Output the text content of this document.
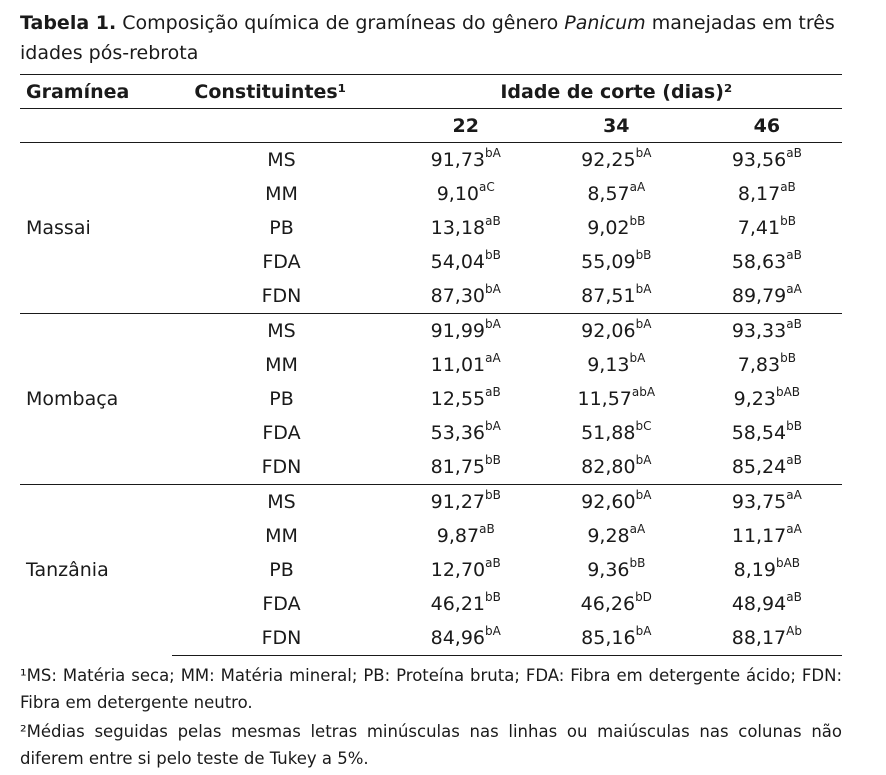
Tabela 1. Composição química de gramíneas do gênero Panicum manejadas em três idades pós-rebrota

Gramínea	Constituintes¹	Idade de corte (dias)²		
		22	34	46
Massai	MS	$91,73^{bA}$	$92,25^{bA}$	$93,56^{aB}$
	MM	$9,10^{aC}$	$8,57^{aA}$	$8,17^{aB}$
	PB	$13,18^{aB}$	$9,02^{bB}$	$7,41^{bB}$
	FDA	$54,04^{bB}$	$55,09^{bB}$	$58,63^{aB}$
	FDN	$87,30^{bA}$	$87,51^{bA}$	$89,79^{aA}$
Mombaça	MS	$91,99^{bA}$	$92,06^{bA}$	$93,33^{aB}$
	MM	$11,01^{aA}$	$9,13^{bA}$	$7,83^{bB}$
	PB	$12,55^{aB}$	$11,57^{abA}$	$9,23^{bAB}$
	FDA	$53,36^{bA}$	$51,88^{bC}$	$58,54^{bB}$
	FDN	$81,75^{bB}$	$82,80^{bA}$	$85,24^{aB}$
Tanzânia	MS	$91,27^{bB}$	$92,60^{bA}$	$93,75^{aA}$
	MM	$9,87^{aB}$	$9,28^{aA}$	$11,17^{aA}$
	PB	$12,70^{aB}$	$9,36^{bB}$	$8,19^{bAB}$
	FDA	$46,21^{bB}$	$46,26^{bD}$	$48,94^{aB}$
	FDN	$84,96^{bA}$	$85,16^{bA}$	$88,17^{Ab}$

¹MS: Matéria seca; MM: Matéria mineral; PB: Proteína bruta; FDA: Fibra em detergente ácido; FDN: Fibra em detergente neutro.

²Médias seguidas pelas mesmas letras minúsculas nas linhas ou maiúsculas nas colunas não diferem entre si pelo teste de Tukey a 5%.
